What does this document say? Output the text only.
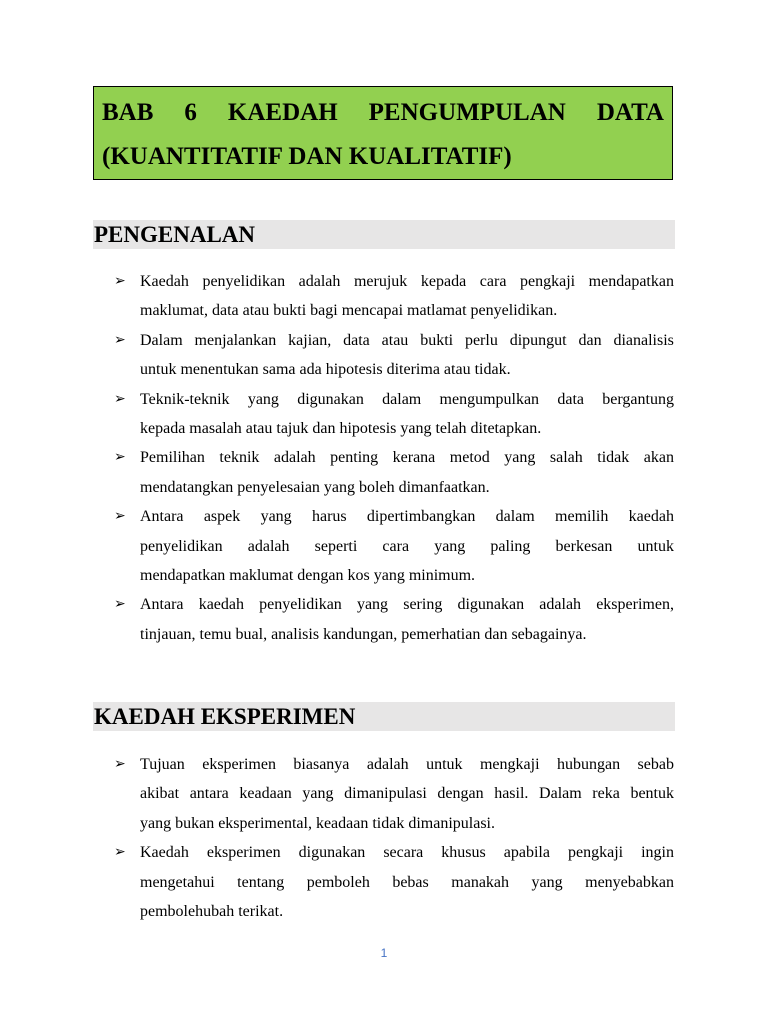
BAB 6 KAEDAH PENGUMPULAN DATA
(KUANTITATIF DAN KUALITATIF)
PENGENALAN
➢ Kaedah penyelidikan adalah merujuk kepada cara pengkaji mendapatkan
maklumat, data atau bukti bagi mencapai matlamat penyelidikan.
➢ Dalam menjalankan kajian, data atau bukti perlu dipungut dan dianalisis
untuk menentukan sama ada hipotesis diterima atau tidak.
➢ Teknik-teknik yang digunakan dalam mengumpulkan data bergantung
kepada masalah atau tajuk dan hipotesis yang telah ditetapkan.
➢ Pemilihan teknik adalah penting kerana metod yang salah tidak akan
mendatangkan penyelesaian yang boleh dimanfaatkan.
➢ Antara aspek yang harus dipertimbangkan dalam memilih kaedah
penyelidikan adalah seperti cara yang paling berkesan untuk
mendapatkan maklumat dengan kos yang minimum.
➢ Antara kaedah penyelidikan yang sering digunakan adalah eksperimen,
tinjauan, temu bual, analisis kandungan, pemerhatian dan sebagainya.
KAEDAH EKSPERIMEN
➢ Tujuan eksperimen biasanya adalah untuk mengkaji hubungan sebab
akibat antara keadaan yang dimanipulasi dengan hasil. Dalam reka bentuk
yang bukan eksperimental, keadaan tidak dimanipulasi.
➢ Kaedah eksperimen digunakan secara khusus apabila pengkaji ingin
mengetahui tentang pemboleh bebas manakah yang menyebabkan
pembolehubah terikat.
1
